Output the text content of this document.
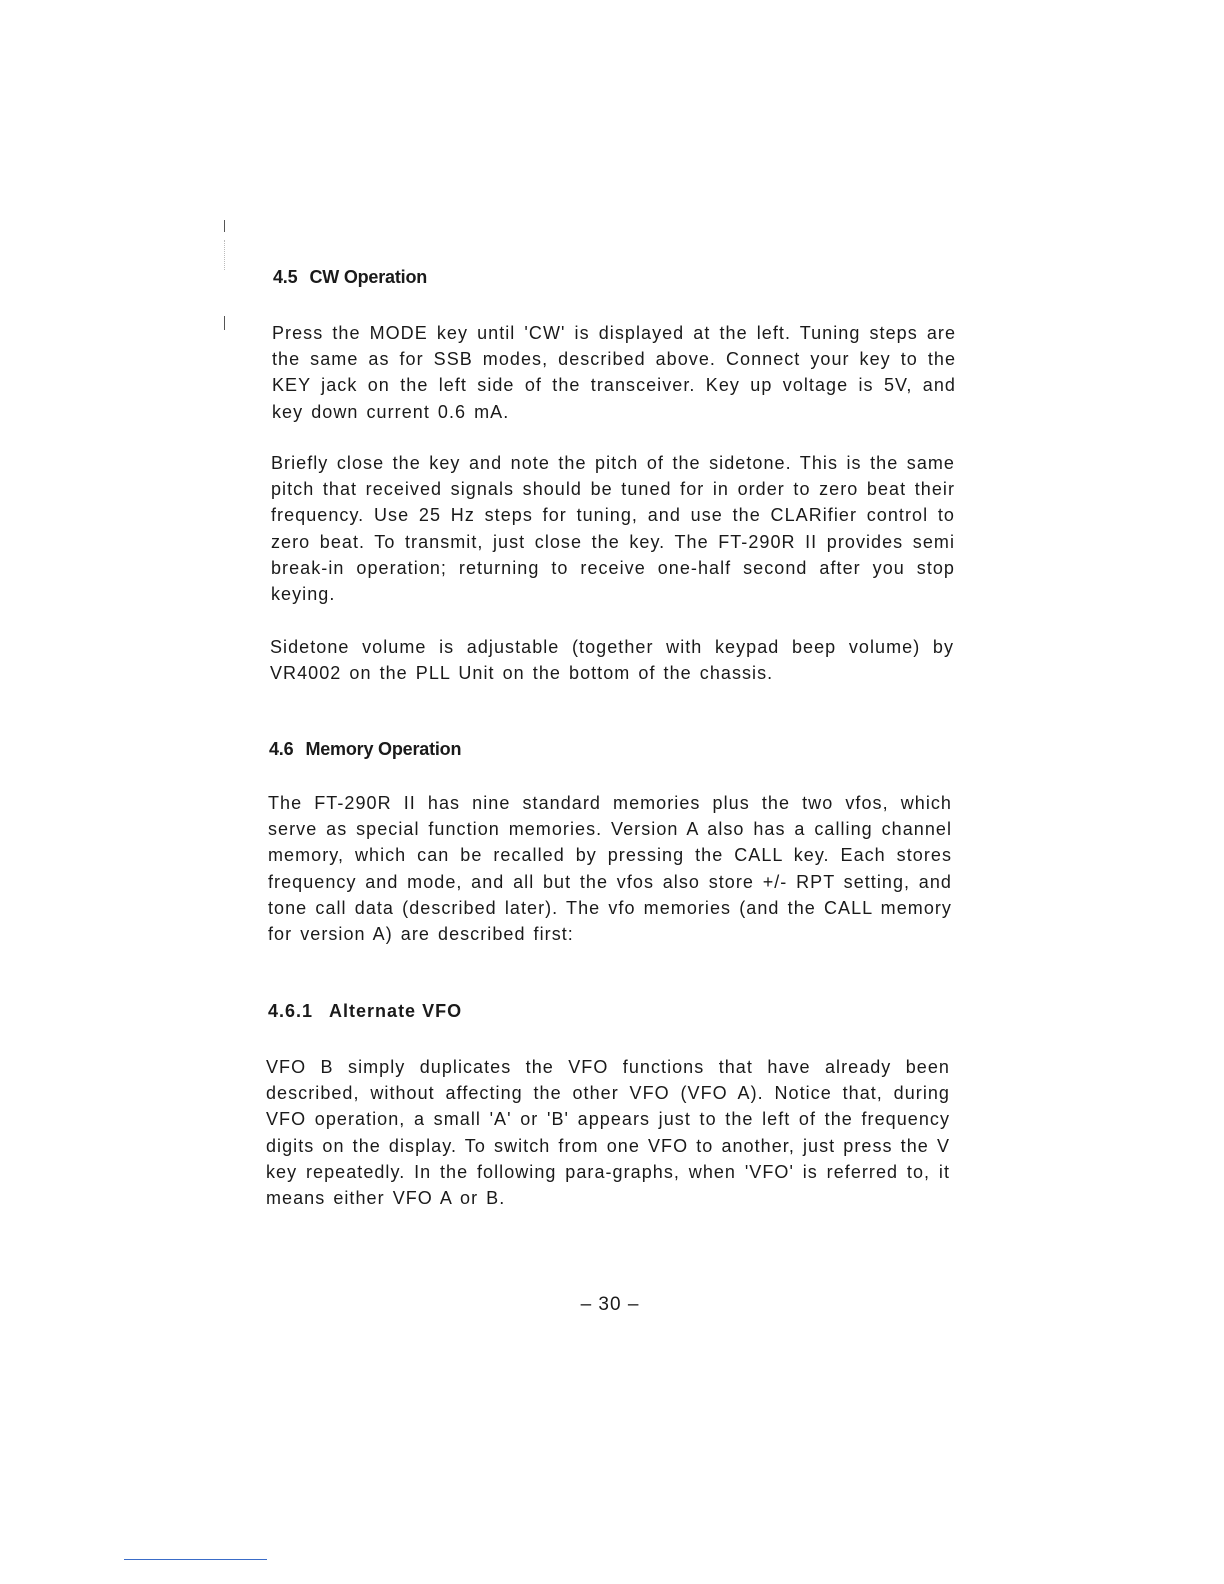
4.5 CW Operation

Press the MODE key until 'CW' is displayed at the left. Tuning steps are the same as for SSB modes, described above. Connect your key to the KEY jack on the left side of the transceiver. Key up voltage is 5V, and key down current 0.6 mA.

Briefly close the key and note the pitch of the sidetone. This is the same pitch that received signals should be tuned for in order to zero beat their frequency. Use 25 Hz steps for tuning, and use the CLARifier control to zero beat. To transmit, just close the key. The FT-290R II provides semi break-in operation; returning to receive one-half second after you stop keying.

Sidetone volume is adjustable (together with keypad beep volume) by VR4002 on the PLL Unit on the bottom of the chassis.

4.6 Memory Operation

The FT-290R II has nine standard memories plus the two vfos, which serve as special function memories. Version A also has a calling channel memory, which can be recalled by pressing the CALL key. Each stores frequency and mode, and all but the vfos also store +/- RPT setting, and tone call data (described later). The vfo memories (and the CALL memory for version A) are described first:

4.6.1 Alternate VFO

VFO B simply duplicates the VFO functions that have already been described, without affecting the other VFO (VFO A). Notice that, during VFO operation, a small 'A' or 'B' appears just to the left of the frequency digits on the display. To switch from one VFO to another, just press the V key repeatedly. In the following para-graphs, when 'VFO' is referred to, it means either VFO A or B.

– 30 –
